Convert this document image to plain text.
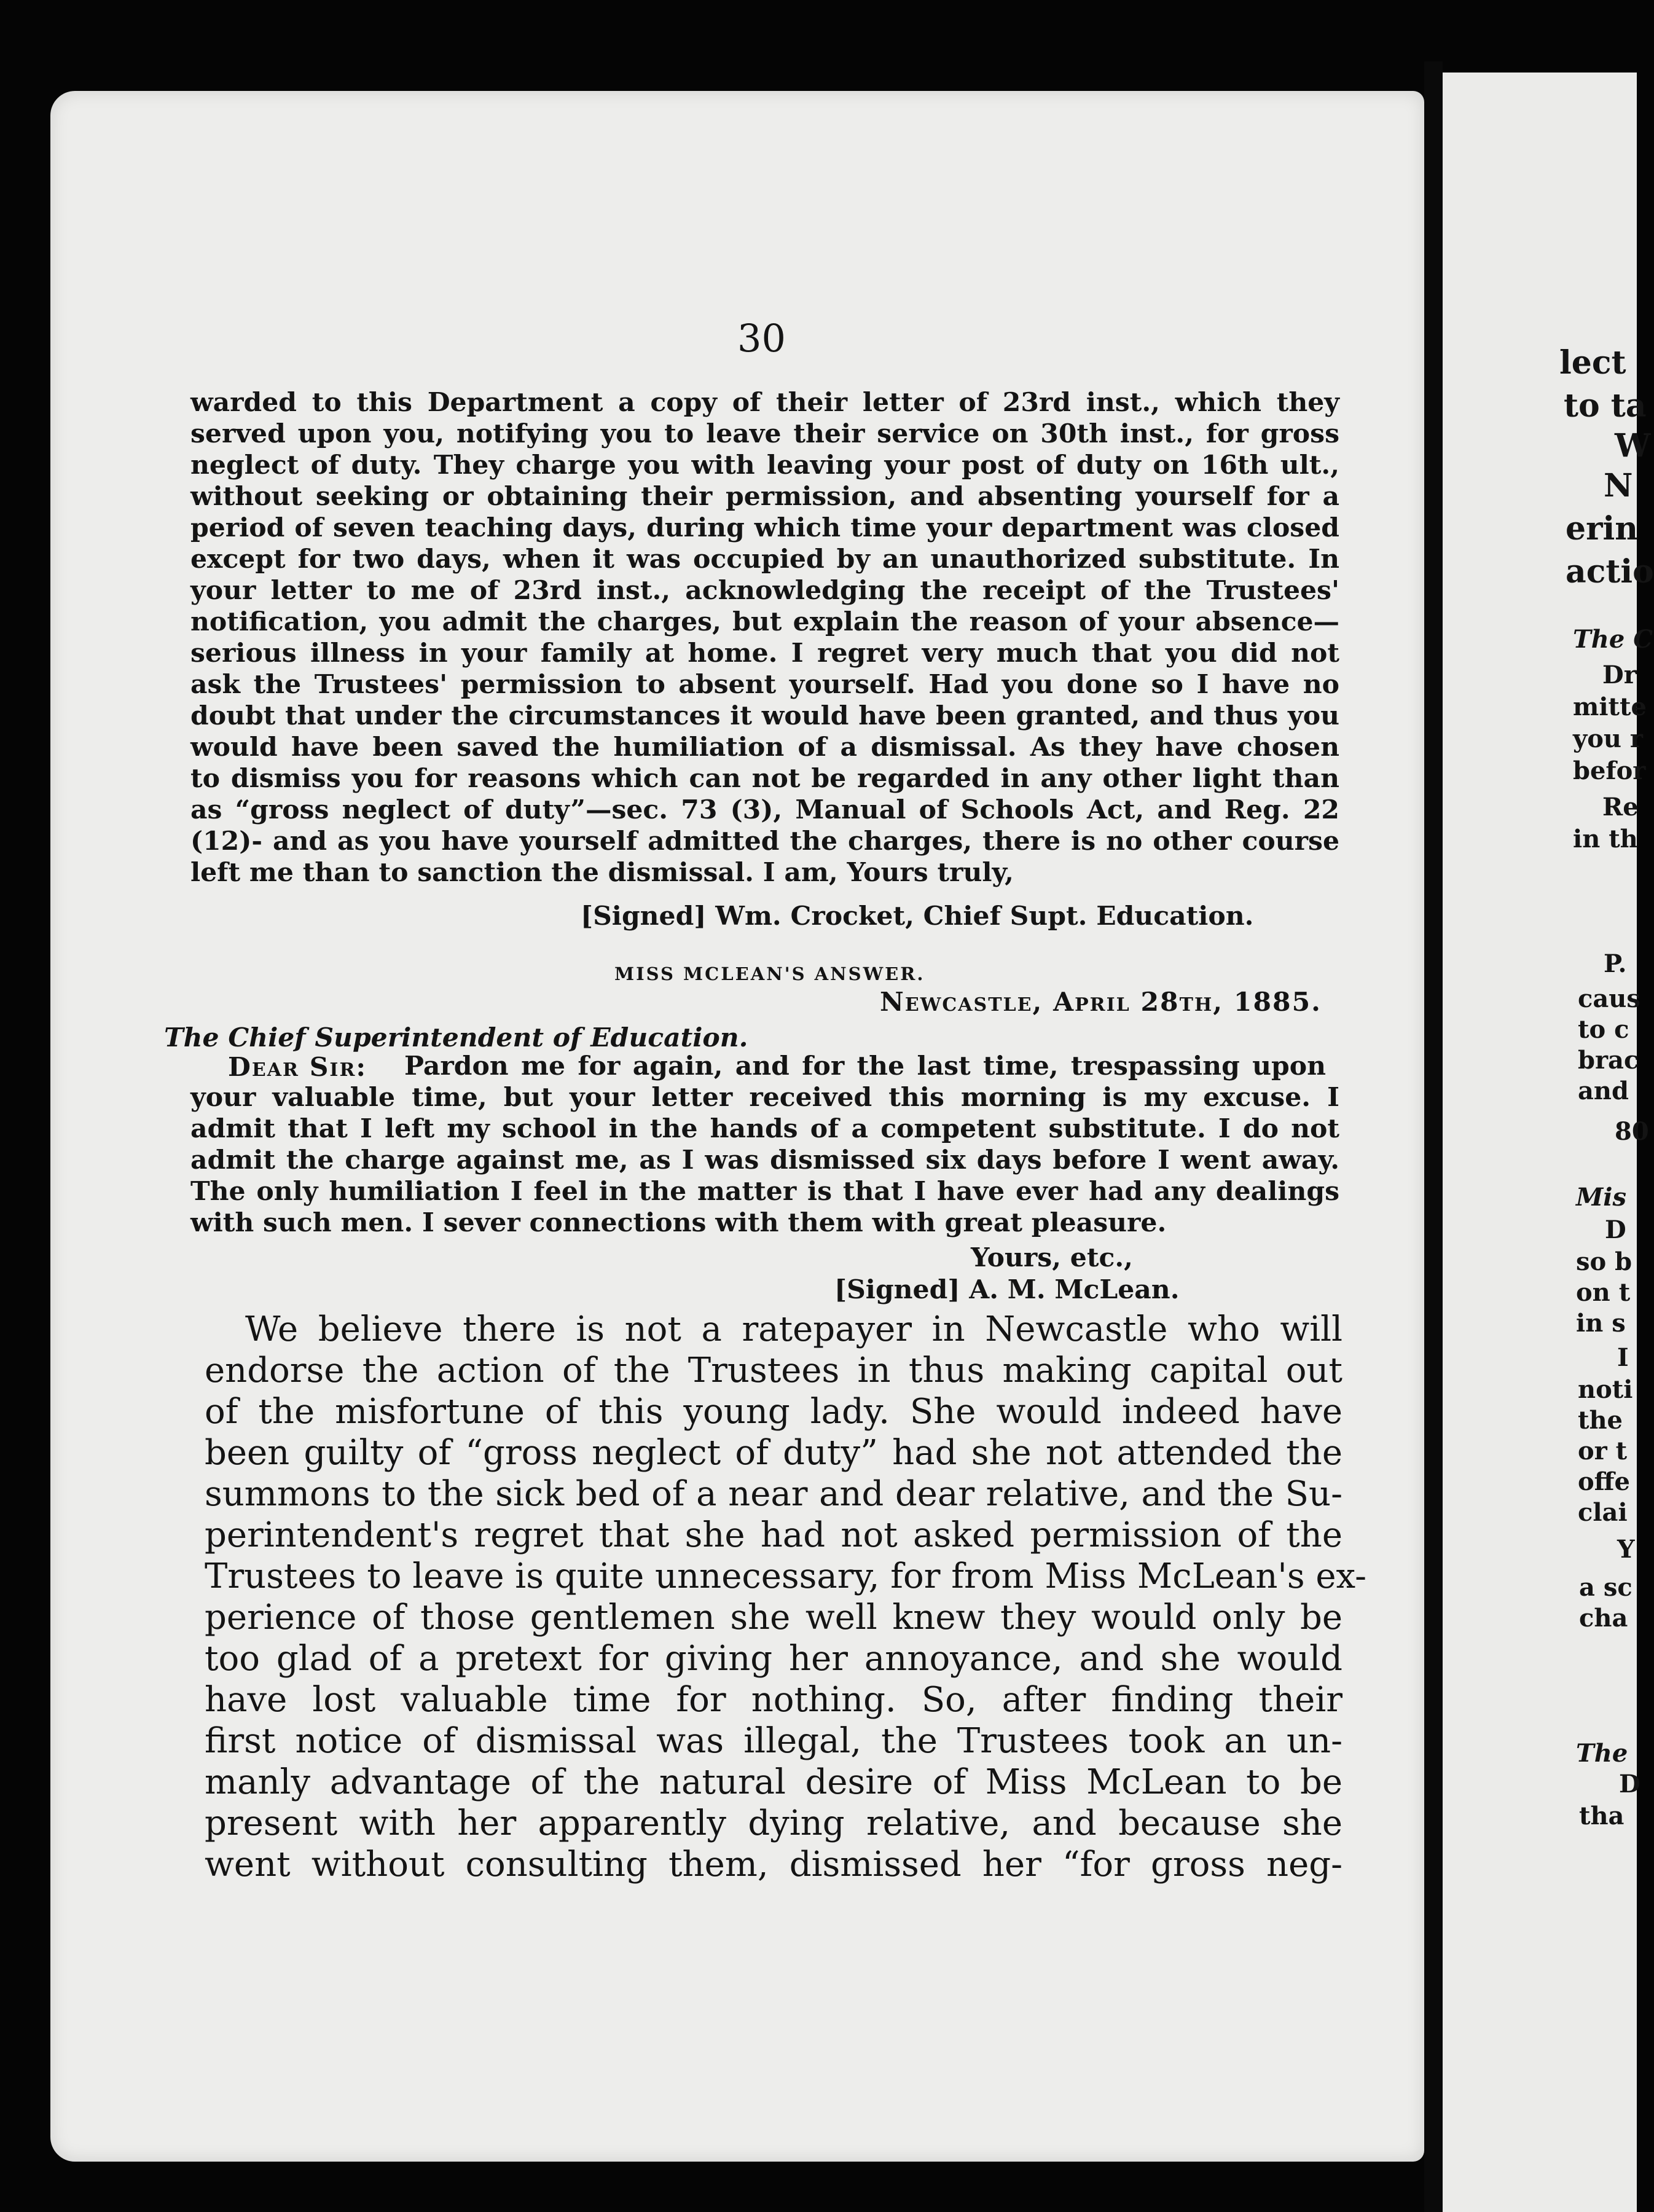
30
warded to this Department a copy of their letter of 23rd inst., which they
served upon you, notifying you to leave their service on 30th inst., for gross
neglect of duty. They charge you with leaving your post of duty on 16th ult.,
without seeking or obtaining their permission, and absenting yourself for a
period of seven teaching days, during which time your department was closed
except for two days, when it was occupied by an unauthorized substitute. In
your letter to me of 23rd inst., acknowledging the receipt of the Trustees'
notification, you admit the charges, but explain the reason of your absence—
serious illness in your family at home. I regret very much that you did not
ask the Trustees' permission to absent yourself. Had you done so I have no
doubt that under the circumstances it would have been granted, and thus you
would have been saved the humiliation of a dismissal. As they have chosen
to dismiss you for reasons which can not be regarded in any other light than
as “gross neglect of duty”—sec. 73 (3), Manual of Schools Act, and Reg. 22
(12)- and as you have yourself admitted the charges, there is no other course
left me than to sanction the dismissal. I am, Yours truly,
[Signed] Wm. Crocket, Chief Supt. Education.
MISS MCLEAN'S ANSWER.
Newcastle, April 28th, 1885.
The Chief Superintendent of Education.
Dear Sir: Pardon me for again, and for the last time, trespassing upon
your valuable time, but your letter received this morning is my excuse. I
admit that I left my school in the hands of a competent substitute. I do not
admit the charge against me, as I was dismissed six days before I went away.
The only humiliation I feel in the matter is that I have ever had any dealings
with such men. I sever connections with them with great pleasure.
Yours, etc.,
[Signed] A. M. McLean.
We believe there is not a ratepayer in Newcastle who will
endorse the action of the Trustees in thus making capital out
of the misfortune of this young lady. She would indeed have
been guilty of “gross neglect of duty” had she not attended the
summons to the sick bed of a near and dear relative, and the Su-
perintendent's regret that she had not asked permission of the
Trustees to leave is quite unnecessary, for from Miss McLean's ex-
perience of those gentlemen she well knew they would only be
too glad of a pretext for giving her annoyance, and she would
have lost valuable time for nothing. So, after finding their
first notice of dismissal was illegal, the Trustees took an un-
manly advantage of the natural desire of Miss McLean to be
present with her apparently dying relative, and because she
went without consulting them, dismissed her “for gross neg-
lect
to ta
W
N
erin
actio
The C
Dr
mitte
you r
befor
Re
in th
P.
caus
to c
brac
and
80
Mis
D
so b
on t
in s
I
noti
the
or t
offe
clai
Y
a sc
cha
The
D
tha
